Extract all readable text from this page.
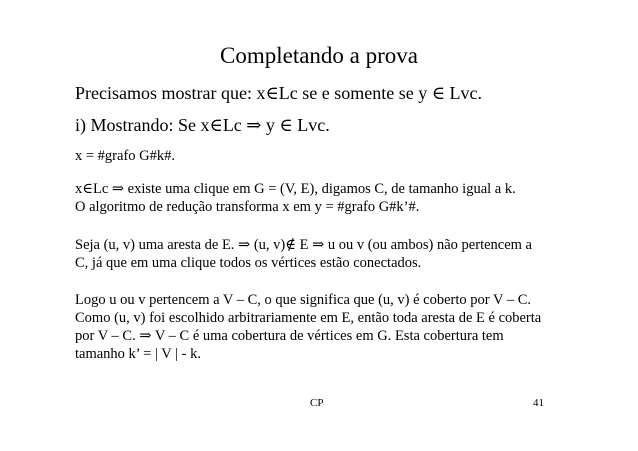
Completando a prova
Precisamos mostrar que: x∈Lc se e somente se y ∈ Lvc.
i) Mostrando: Se x∈Lc ⇒ y ∈ Lvc.
x = #grafo G#k#.
x∈Lc ⇒ existe uma clique em G = (V, E), digamos C, de tamanho igual a k.
O algoritmo de redução transforma x em y = #grafo G#k’#.
Seja (u, v) uma aresta de E. ⇒ (u, v)∉ E ⇒ u ou v (ou ambos) não pertencem a
C, já que em uma clique todos os vértices estão conectados.
Logo u ou v pertencem a V – C, o que significa que (u, v) é coberto por V – C.
Como (u, v) foi escolhido arbitrariamente em E, então toda aresta de E é coberta
por V – C. ⇒ V – C é uma cobertura de vértices em G. Esta cobertura tem
tamanho k’ = | V | - k.
CP	41
